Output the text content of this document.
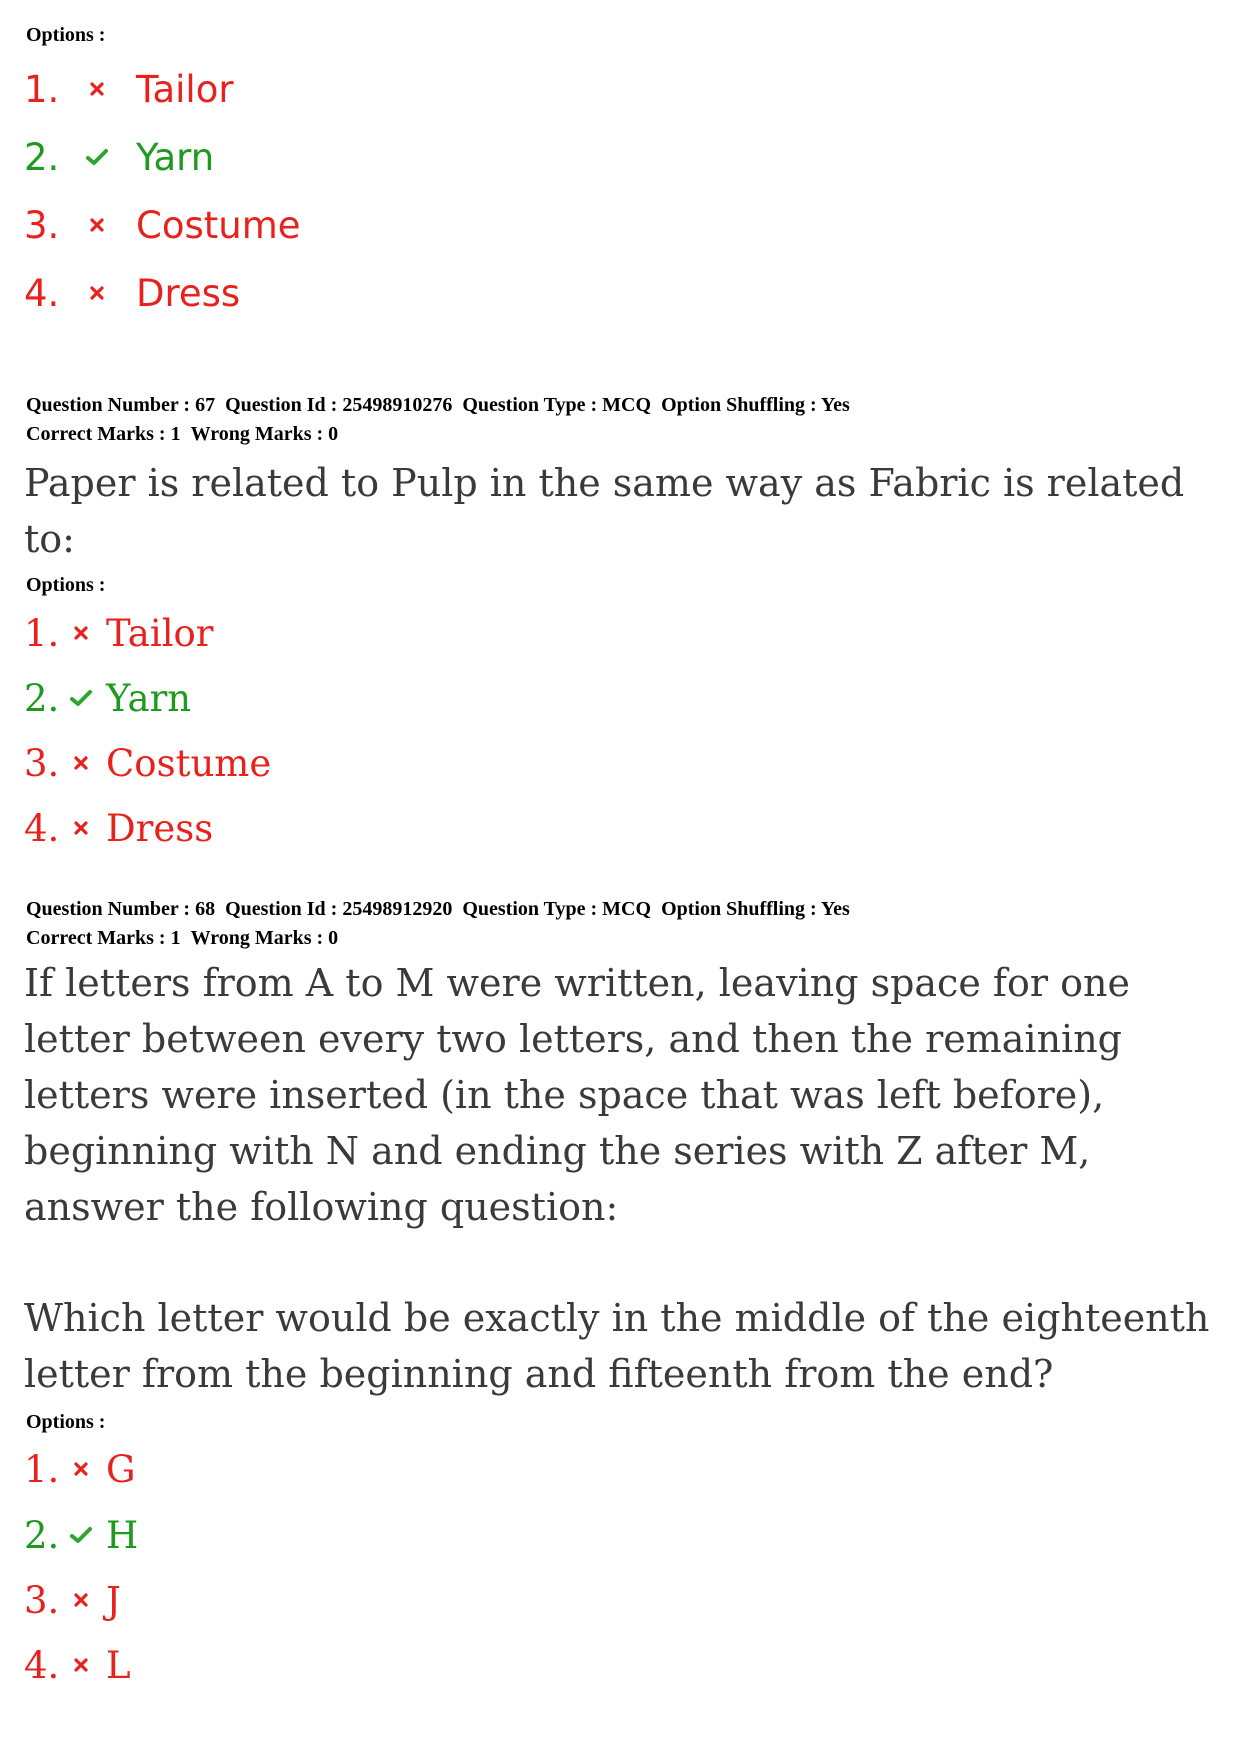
Options :
1.	Tailor
2.	Yarn
3.	Costume
4.	Dress
Question Number : 67 Question Id : 25498910276 Question Type : MCQ Option Shuffling : Yes
Correct Marks : 1 Wrong Marks : 0
Paper is related to Pulp in the same way as Fabric is related to:
Options :
1. Tailor
2. Yarn
3. Costume
4. Dress
Question Number : 68 Question Id : 25498912920 Question Type : MCQ Option Shuffling : Yes
Correct Marks : 1 Wrong Marks : 0
If letters from A to M were written, leaving space for one letter between every two letters, and then the remaining letters were inserted (in the space that was left before), beginning with N and ending the series with Z after M, answer the following question:
Which letter would be exactly in the middle of the eighteenth letter from the beginning and fifteenth from the end?
Options :
1. G
2. H
3. J
4. L
